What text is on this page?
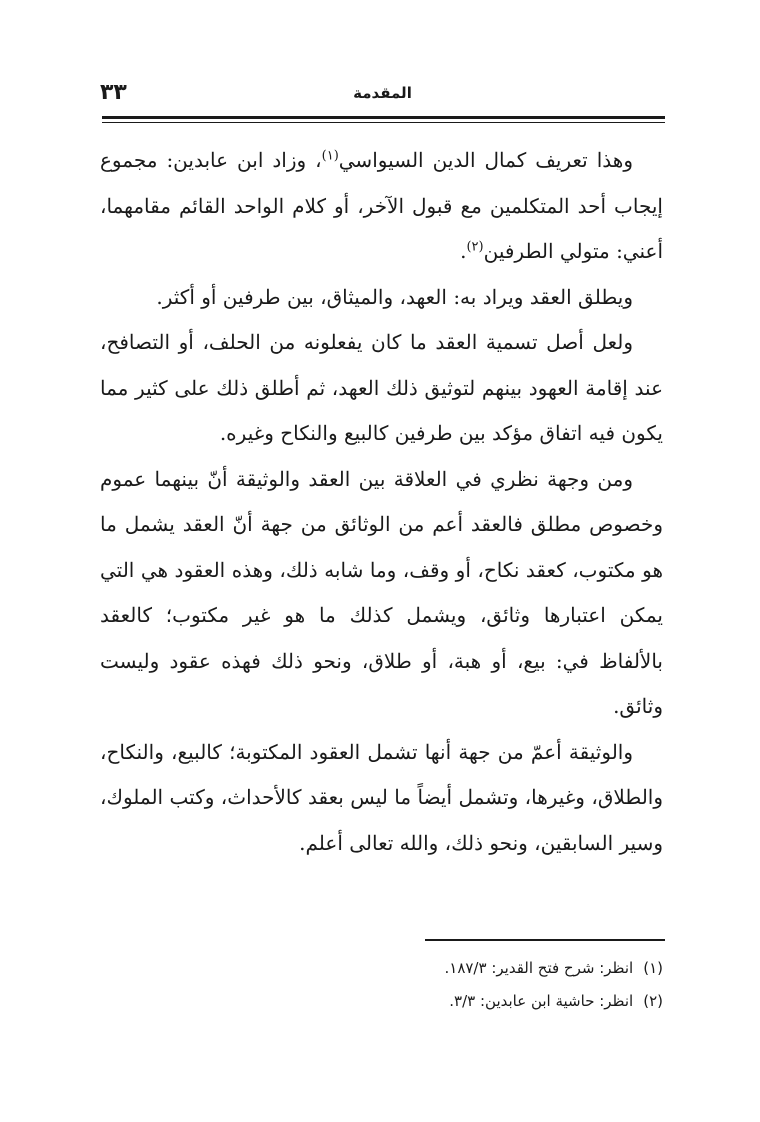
المقدمة
٣٣

وهذا تعريف كمال الدين السيواسي$^{(١)}$، وزاد ابن عابدين: مجموع إيجاب أحد المتكلمين مع قبول الآخر، أو كلام الواحد القائم مقامهما، أعني: متولي الطرفين$^{(٢)}$.

ويطلق العقد ويراد به: العهد، والميثاق، بين طرفين أو أكثر.

ولعل أصل تسمية العقد ما كان يفعلونه من الحلف، أو التصافح، عند إقامة العهود بينهم لتوثيق ذلك العهد، ثم أطلق ذلك على كثير مما يكون فيه اتفاق مؤكد بين طرفين كالبيع والنكاح وغيره.

ومن وجهة نظري في العلاقة بين العقد والوثيقة أنّ بينهما عموم وخصوص مطلق فالعقد أعم من الوثائق من جهة أنّ العقد يشمل ما هو مكتوب، كعقد نكاح، أو وقف، وما شابه ذلك، وهذه العقود هي التي يمكن اعتبارها وثائق، ويشمل كذلك ما هو غير مكتوب؛ كالعقد بالألفاظ في: بيع، أو هبة، أو طلاق، ونحو ذلك فهذه عقود وليست وثائق.

والوثيقة أعمّ من جهة أنها تشمل العقود المكتوبة؛ كالبيع، والنكاح، والطلاق، وغيرها، وتشمل أيضاً ما ليس بعقد كالأحداث، وكتب الملوك، وسير السابقين، ونحو ذلك، والله تعالى أعلم.

(١)
انظر: شرح فتح القدير: ١٨٧/٣.
(٢)
انظر: حاشية ابن عابدين: ٣/٣.
